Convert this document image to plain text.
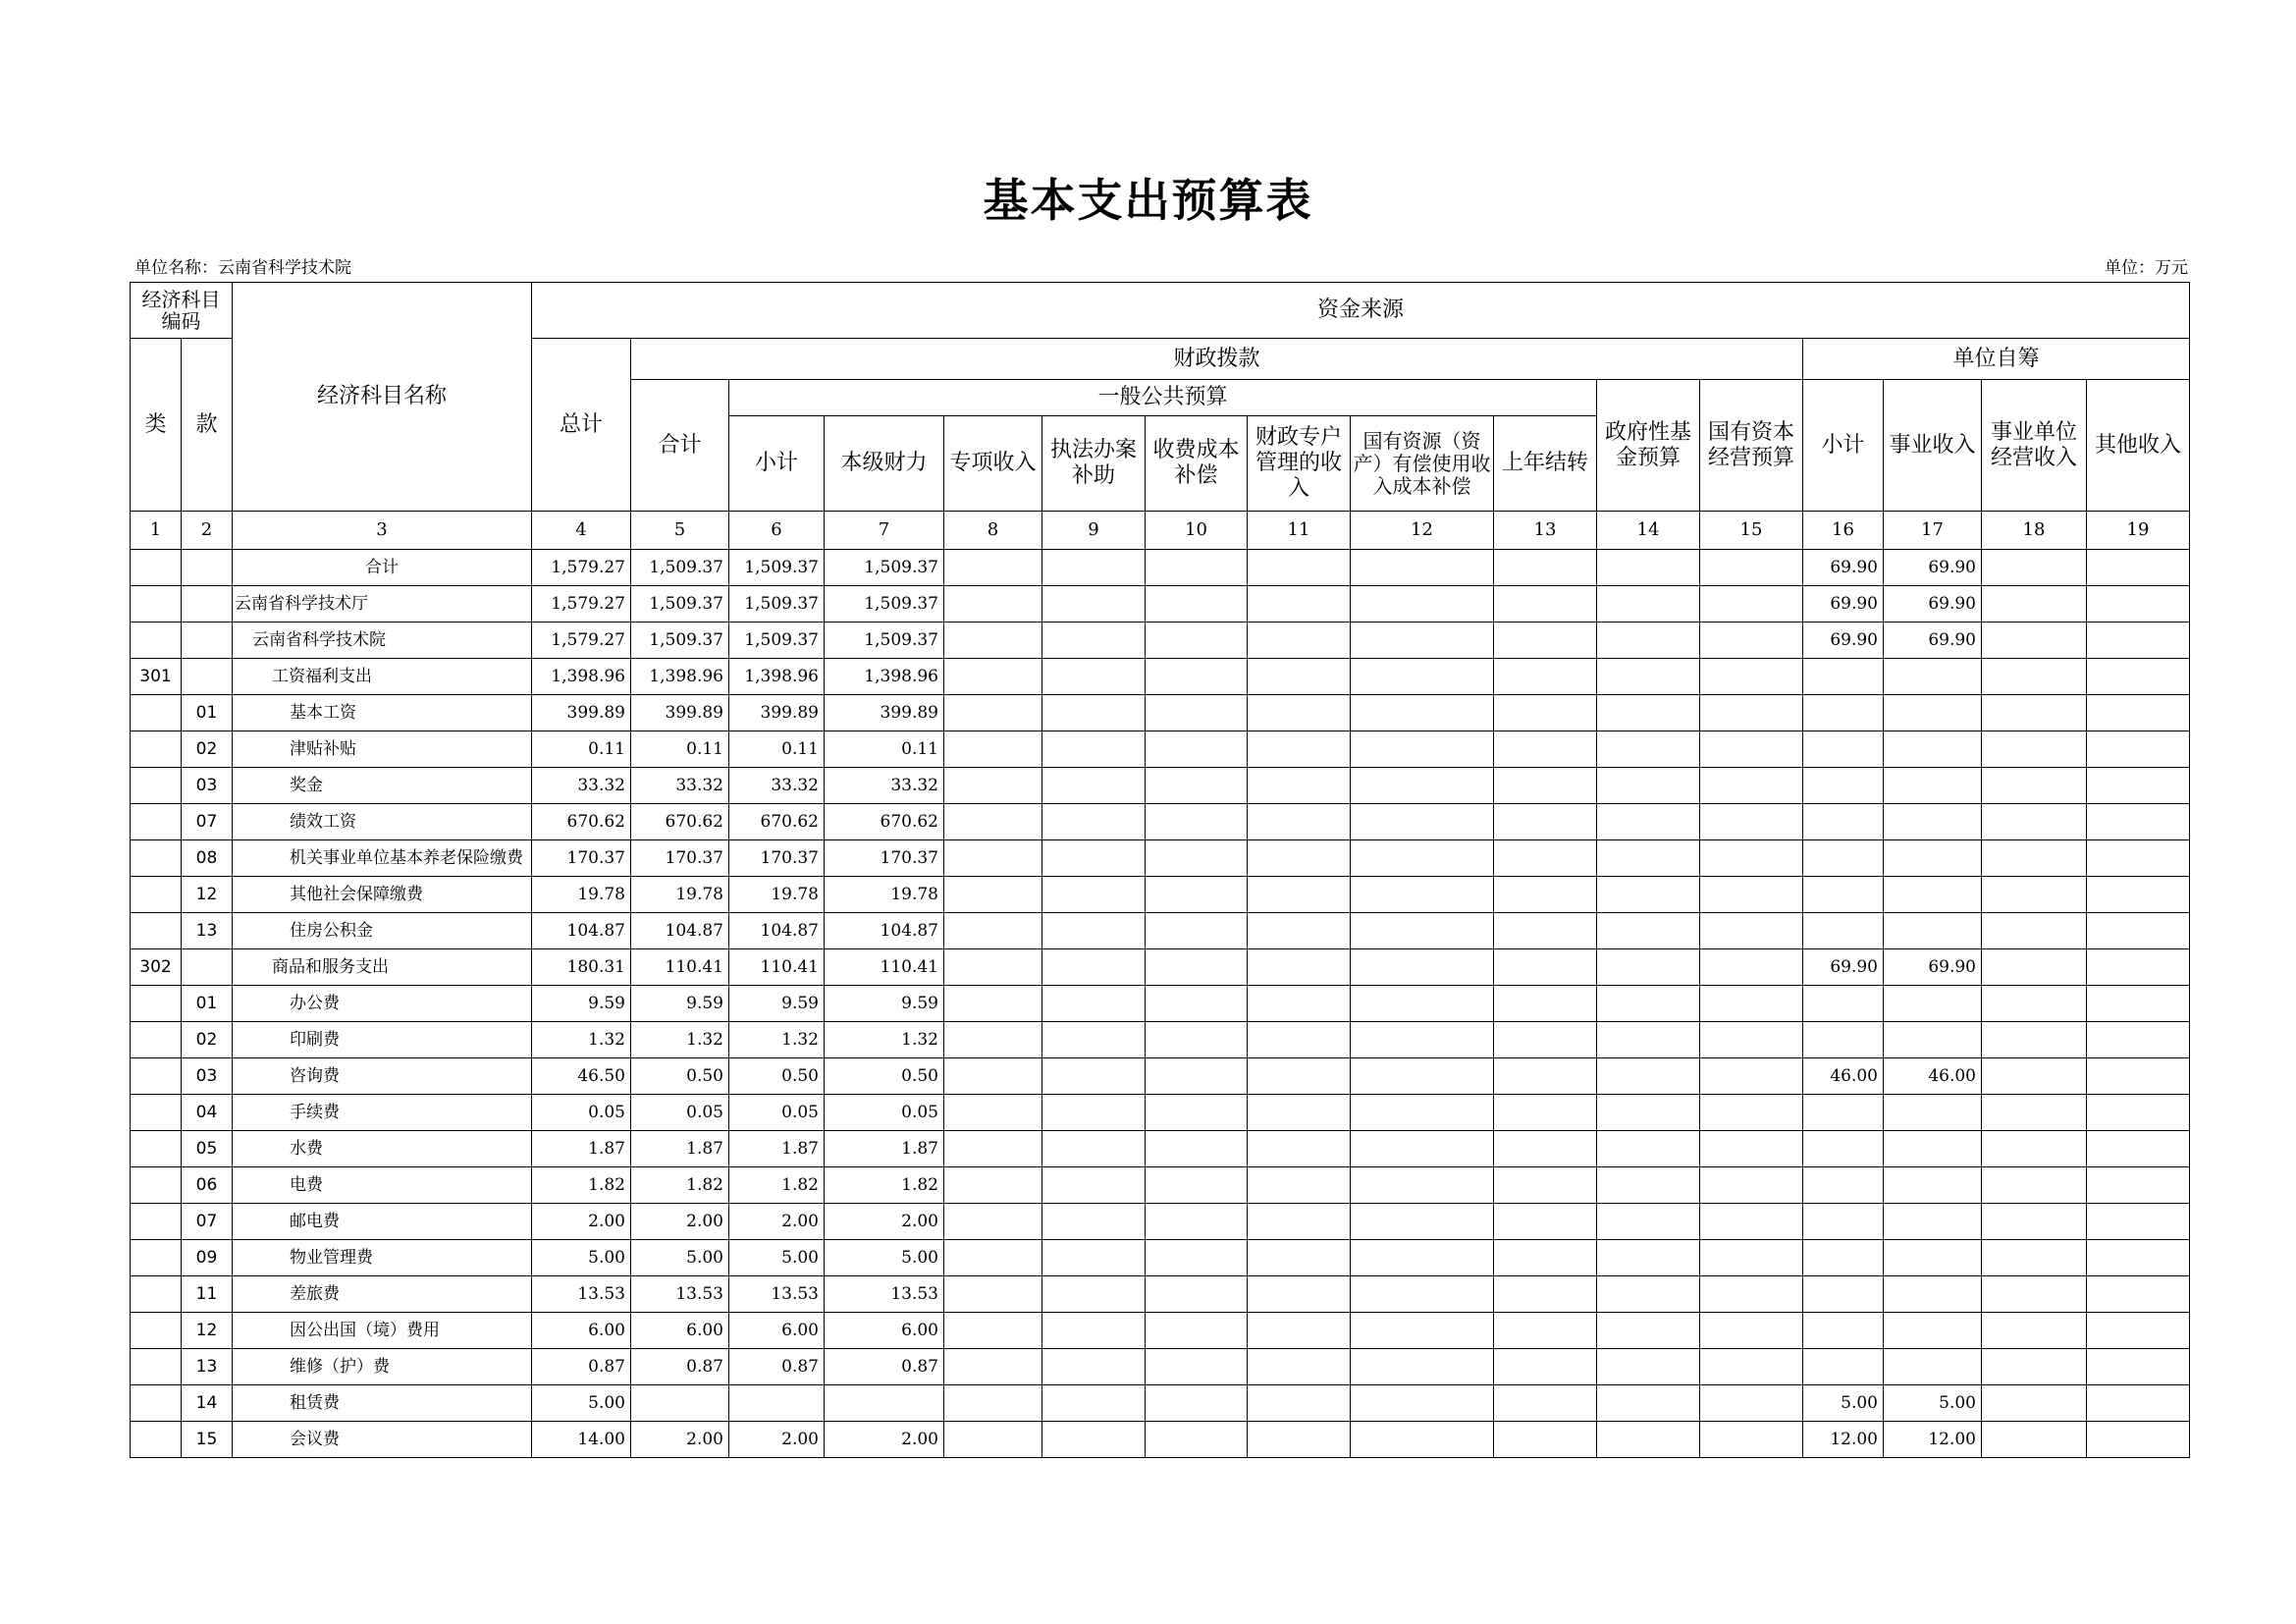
基本支出预算表
单位名称：云南省科学技术院	单位：万元
经济科目编码		经济科目名称	资金来源															
类	款		总计	财政拨款											单位自筹			
				合计	一般公共预算								政府性基金预算	国有资本经营预算	小计	事业收入	事业单位经营收入	其他收入
					小计	本级财力	专项收入	执法办案补助	收费成本补偿	财政专户管理的收入	国有资源（资产）有偿使用收入成本补偿	上年结转						
1	2	3	4	5	6	7	8	9	10	11	12	13	14	15	16	17	18	19
		合计	1,579.27	1,509.37	1,509.37	1,509.37									69.90	69.90		
		云南省科学技术厅	1,579.27	1,509.37	1,509.37	1,509.37									69.90	69.90		
		云南省科学技术院	1,579.27	1,509.37	1,509.37	1,509.37									69.90	69.90		
301		工资福利支出	1,398.96	1,398.96	1,398.96	1,398.96												
	01	基本工资	399.89	399.89	399.89	399.89												
	02	津贴补贴	0.11	0.11	0.11	0.11												
	03	奖金	33.32	33.32	33.32	33.32												
	07	绩效工资	670.62	670.62	670.62	670.62												
	08	机关事业单位基本养老保险缴费	170.37	170.37	170.37	170.37												
	12	其他社会保障缴费	19.78	19.78	19.78	19.78												
	13	住房公积金	104.87	104.87	104.87	104.87												
302		商品和服务支出	180.31	110.41	110.41	110.41									69.90	69.90		
	01	办公费	9.59	9.59	9.59	9.59												
	02	印刷费	1.32	1.32	1.32	1.32												
	03	咨询费	46.50	0.50	0.50	0.50									46.00	46.00		
	04	手续费	0.05	0.05	0.05	0.05												
	05	水费	1.87	1.87	1.87	1.87												
	06	电费	1.82	1.82	1.82	1.82												
	07	邮电费	2.00	2.00	2.00	2.00												
	09	物业管理费	5.00	5.00	5.00	5.00												
	11	差旅费	13.53	13.53	13.53	13.53												
	12	因公出国（境）费用	6.00	6.00	6.00	6.00												
	13	维修（护）费	0.87	0.87	0.87	0.87												
	14	租赁费	5.00												5.00	5.00		
	15	会议费	14.00	2.00	2.00	2.00									12.00	12.00		
